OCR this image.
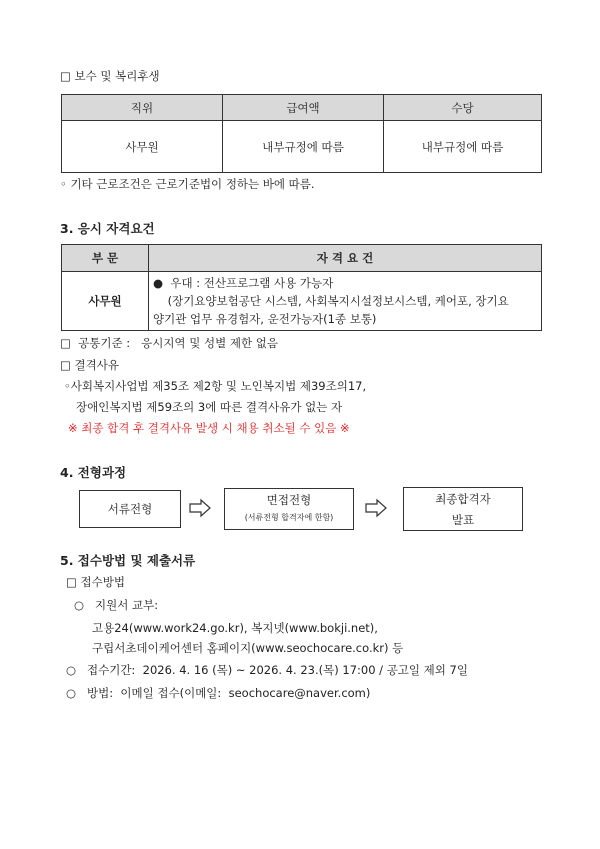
□ 보수 및 복리후생
직위	급여액	수당
사무원	내부규정에 따름	내부규정에 따름
◦ 기타 근로조건은 근로기준법이 정하는 바에 따름.
3. 응시 자격요건
부 문	자 격 요 건
사무원	●  우대 : 전산프로그램 사용 가능자
(장기요양보험공단 시스템, 사회복지시설정보시스템, 케어포, 장기요
양기관 업무 유경험자, 운전가능자(1종 보통)
□  공통기준 :   응시지역 및 성별 제한 없음
□ 결격사유
◦사회복지사업법 제35조 제2항 및 노인복지법 제39조의17,
장애인복지법 제59조의 3에 따른 결격사유가 없는 자
※ 최종 합격 후 결격사유 발생 시 채용 취소될 수 있음 ※
4. 전형과정
서류전형
면접전형
(서류전형 합격자에 한함)
최종합격자
발표
5. 접수방법 및 제출서류
□ 접수방법
○   지원서 교부:
고용24(www.work24.go.kr), 복지넷(www.bokji.net),
구립서초데이케어센터 홈페이지(www.seochocare.co.kr) 등
○   접수기간:  2026. 4. 16 (목) ~ 2026. 4. 23.(목) 17:00 / 공고일 제외 7일
○   방법:  이메일 접수(이메일:  seochocare@naver.com)
